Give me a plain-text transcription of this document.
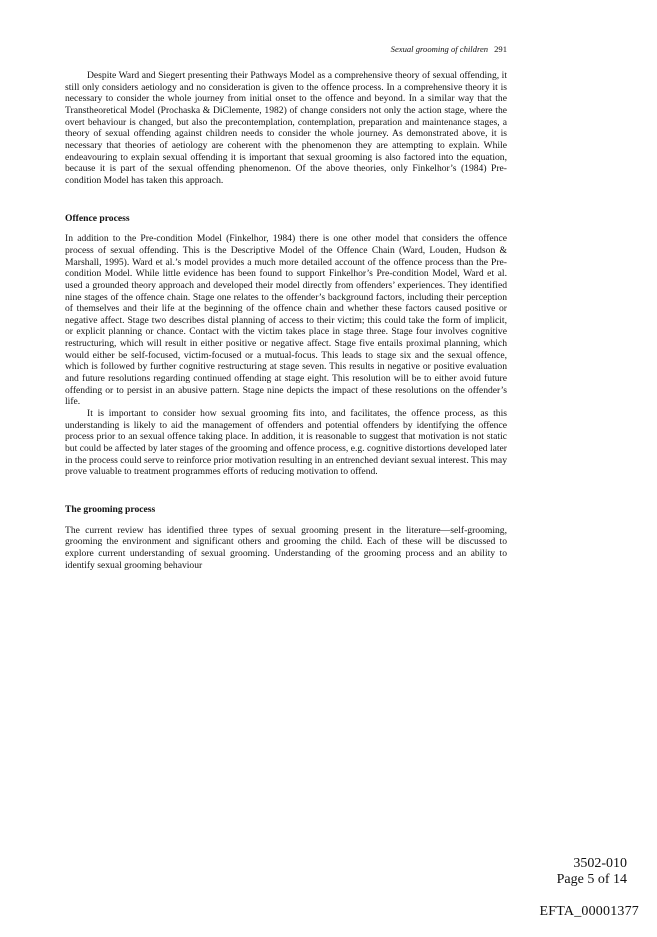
Sexual grooming of children 291

Despite Ward and Siegert presenting their Pathways Model as a comprehensive theory of sexual offending, it still only considers aetiology and no consideration is given to the offence process. In a comprehensive theory it is necessary to consider the whole journey from initial onset to the offence and beyond. In a similar way that the Transtheoretical Model (Prochaska & DiClemente, 1982) of change considers not only the action stage, where the overt behaviour is changed, but also the precontemplation, contemplation, preparation and maintenance stages, a theory of sexual offending against children needs to consider the whole journey. As demonstrated above, it is necessary that theories of aetiology are coherent with the phenomenon they are attempting to explain. While endeavouring to explain sexual offending it is important that sexual grooming is also factored into the equation, because it is part of the sexual offending phenomenon. Of the above theories, only Finkelhor’s (1984) Pre-condition Model has taken this approach.

Offence process

In addition to the Pre-condition Model (Finkelhor, 1984) there is one other model that considers the offence process of sexual offending. This is the Descriptive Model of the Offence Chain (Ward, Louden, Hudson & Marshall, 1995). Ward et al.’s model provides a much more detailed account of the offence process than the Pre-condition Model. While little evidence has been found to support Finkelhor’s Pre-condition Model, Ward et al. used a grounded theory approach and developed their model directly from offenders’ experiences. They identified nine stages of the offence chain. Stage one relates to the offender’s background factors, including their perception of themselves and their life at the beginning of the offence chain and whether these factors caused positive or negative affect. Stage two describes distal planning of access to their victim; this could take the form of implicit, or explicit planning or chance. Contact with the victim takes place in stage three. Stage four involves cognitive restructuring, which will result in either positive or negative affect. Stage five entails proximal planning, which would either be self-focused, victim-focused or a mutual-focus. This leads to stage six and the sexual offence, which is followed by further cognitive restructuring at stage seven. This results in negative or positive evaluation and future resolutions regarding continued offending at stage eight. This resolution will be to either avoid future offending or to persist in an abusive pattern. Stage nine depicts the impact of these resolutions on the offender’s life.

It is important to consider how sexual grooming fits into, and facilitates, the offence process, as this understanding is likely to aid the management of offenders and potential offenders by identifying the offence process prior to an sexual offence taking place. In addition, it is reasonable to suggest that motivation is not static but could be affected by later stages of the grooming and offence process, e.g. cognitive distortions developed later in the process could serve to reinforce prior motivation resulting in an entrenched deviant sexual interest. This may prove valuable to treatment programmes efforts of reducing motivation to offend.

The grooming process

The current review has identified three types of sexual grooming present in the literature—self-grooming, grooming the environment and significant others and grooming the child. Each of these will be discussed to explore current understanding of sexual grooming. Understanding of the grooming process and an ability to identify sexual grooming behaviour

3502-010
Page 5 of 14
EFTA_00001377
